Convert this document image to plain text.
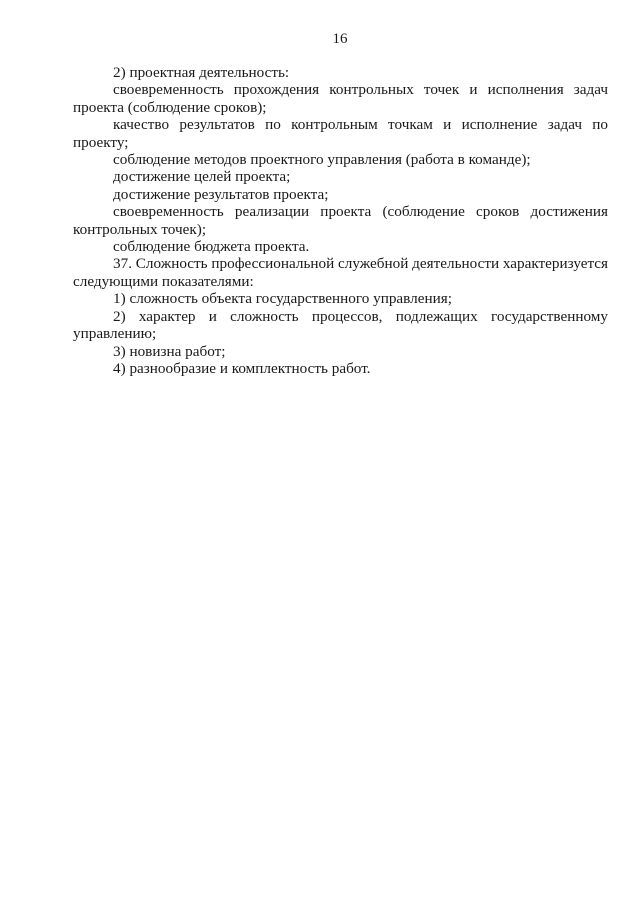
16

2) проектная деятельность:

своевременность прохождения контрольных точек и исполнения задач проекта (соблюдение сроков);

качество результатов по контрольным точкам и исполнение задач по проекту;

соблюдение методов проектного управления (работа в команде);

достижение целей проекта;

достижение результатов проекта;

своевременность реализации проекта (соблюдение сроков достижения контрольных точек);

соблюдение бюджета проекта.

37. Сложность профессиональной служебной деятельности характеризуется следующими показателями:

1) сложность объекта государственного управления;

2) характер и сложность процессов, подлежащих государственному управлению;

3) новизна работ;

4) разнообразие и комплектность работ.
